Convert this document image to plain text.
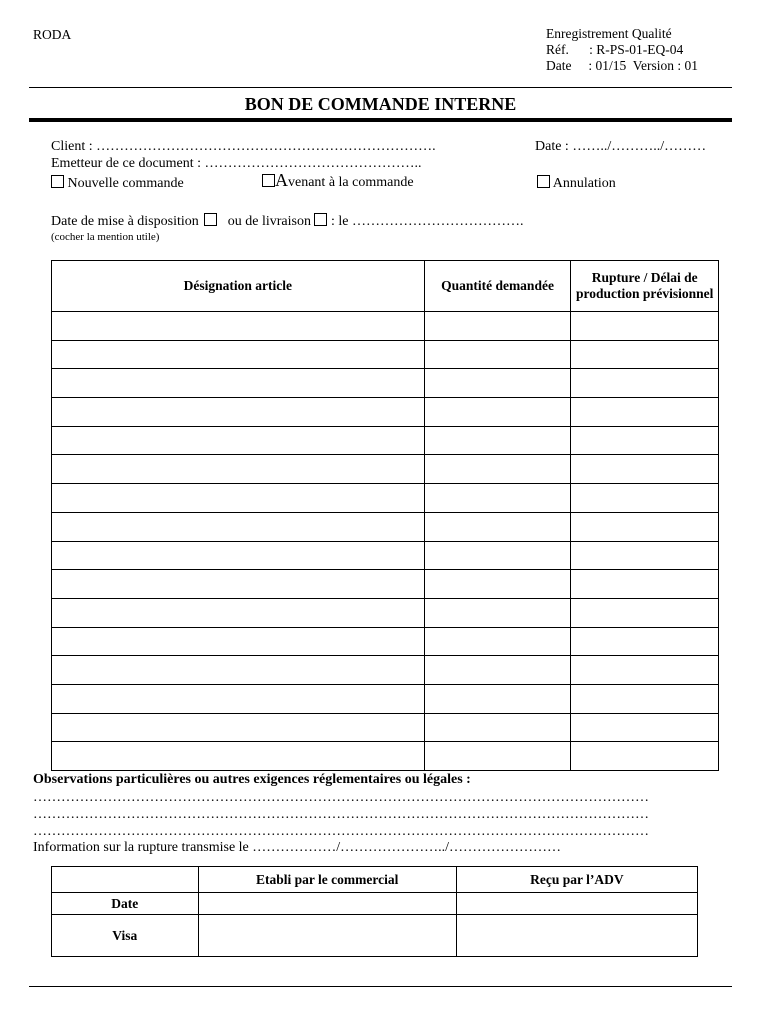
RODA	Enregistrement Qualité
Réf.      : R-PS-01-EQ-04
Date     : 01/15  Version : 01
BON DE COMMANDE INTERNE
Client : ……………………………………………………………….	Date : ……../………../………
Emetteur de ce document : ………………………………………..
Nouvelle commande	Avenant à la commande	Annulation
Date de mise à disposition ou de livraison : le ……………………………….
(cocher la mention utile)
Désignation article	Quantité demandée	Rupture / Délai de production prévisionnel

Observations particulières ou autres exigences réglementaires ou légales :
……………………………………………………………………………………………………………………
……………………………………………………………………………………………………………………
……………………………………………………………………………………………………………………
Information sur la rupture transmise le ………………/…………………../……………………
	Etabli par le commercial	Reçu par l’ADV
Date		
Visa		
